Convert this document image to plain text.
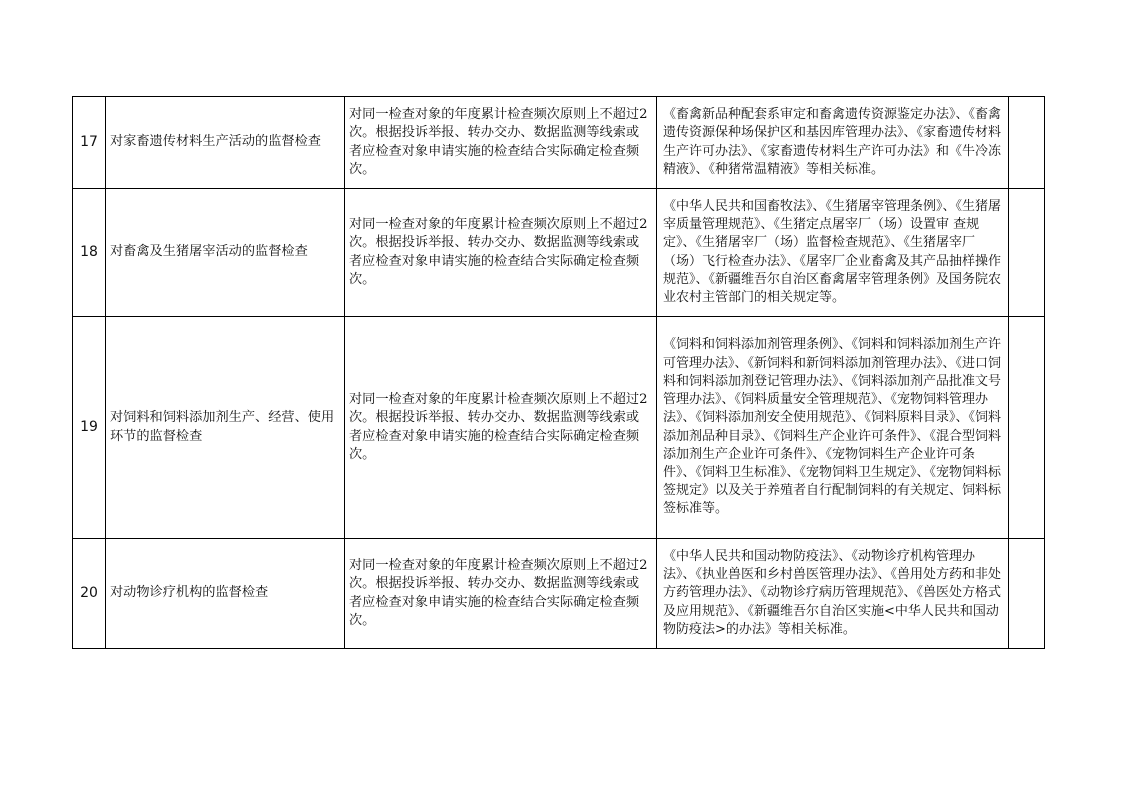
17	对家畜遗传材料生产活动的监督检查	对同一检查对象的年度累计检查频次原则上不超过2次。根据投诉举报、转办交办、数据监测等线索或者应检查对象申请实施的检查结合实际确定检查频次。	《畜禽新品种配套系审定和畜禽遗传资源鉴定办法》、《畜禽遗传资源保种场保护区和基因库管理办法》、《家畜遗传材料生产许可办法》、《家畜遗传材料生产许可办法》和《牛冷冻精液》、《种猪常温精液》等相关标准。	
18	对畜禽及生猪屠宰活动的监督检查	对同一检查对象的年度累计检查频次原则上不超过2次。根据投诉举报、转办交办、数据监测等线索或者应检查对象申请实施的检查结合实际确定检查频次。	《中华人民共和国畜牧法》、《生猪屠宰管理条例》、《生猪屠宰质量管理规范》、《生猪定点屠宰厂（场）设置审 查规定》、《生猪屠宰厂（场）监督检查规范》、《生猪屠宰厂（场）飞行检查办法》、《屠宰厂企业畜禽及其产品抽样操作规范》、《新疆维吾尔自治区畜禽屠宰管理条例》及国务院农业农村主管部门的相关规定等。	
19	对饲料和饲料添加剂生产、经营、使用环节的监督检查	对同一检查对象的年度累计检查频次原则上不超过2次。根据投诉举报、转办交办、数据监测等线索或者应检查对象申请实施的检查结合实际确定检查频次。	《饲料和饲料添加剂管理条例》、《饲料和饲料添加剂生产许可管理办法》、《新饲料和新饲料添加剂管理办法》、《进口饲料和饲料添加剂登记管理办法》、《饲料添加剂产品批准文号管理办法》、《饲料质量安全管理规范》、《宠物饲料管理办法》、《饲料添加剂安全使用规范》、《饲料原料目录》、《饲料添加剂品种目录》、《饲料生产企业许可条件》、《混合型饲料添加剂生产企业许可条件》、《宠物饲料生产企业许可条件》、《饲料卫生标准》、《宠物饲料卫生规定》、《宠物饲料标签规定》以及关于养殖者自行配制饲料的有关规定、饲料标签标准等。	
20	对动物诊疗机构的监督检查	对同一检查对象的年度累计检查频次原则上不超过2次。根据投诉举报、转办交办、数据监测等线索或者应检查对象申请实施的检查结合实际确定检查频次。	《中华人民共和国动物防疫法》、《动物诊疗机构管理办法》、《执业兽医和乡村兽医管理办法》、《兽用处方药和非处方药管理办法》、《动物诊疗病历管理规范》、《兽医处方格式及应用规范》、《新疆维吾尔自治区实施<中华人民共和国动物防疫法>的办法》等相关标准。	
